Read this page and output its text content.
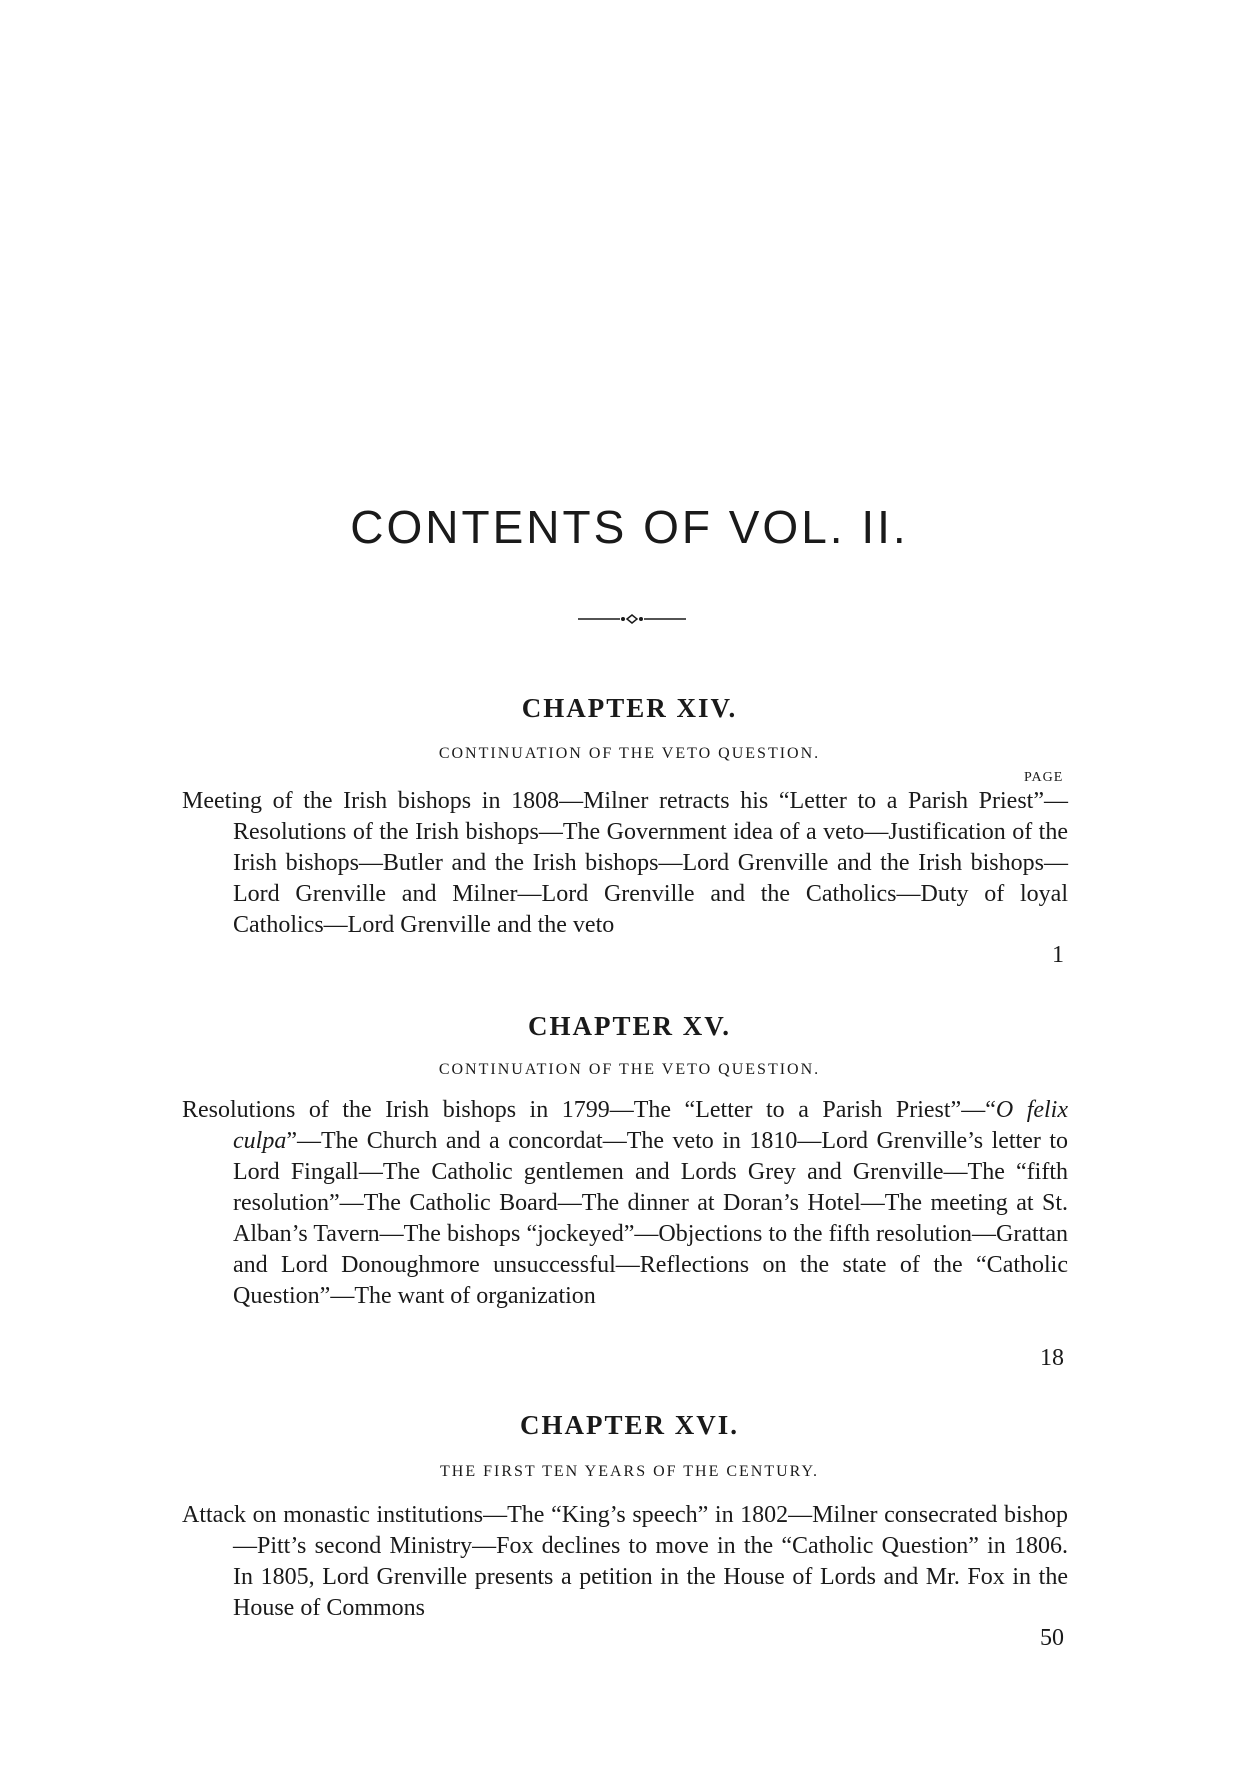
CONTENTS OF VOL. II.
CHAPTER XIV.
CONTINUATION OF THE VETO QUESTION.
PAGE

Meeting of the Irish bishops in 1808—Milner retracts his “Letter to a Parish Priest”—Resolutions of the Irish bishops—The Government idea of a veto—Justification of the Irish bishops—Butler and the Irish bishops—Lord Grenville and the Irish bishops—Lord Grenville and Milner—Lord Grenville and the Catholics—Duty of loyal Catholics—Lord Grenville and the veto

1
CHAPTER XV.
CONTINUATION OF THE VETO QUESTION.

Resolutions of the Irish bishops in 1799—The “Letter to a Parish Priest”—“O felix culpa”—The Church and a concordat—The veto in 1810—Lord Grenville’s letter to Lord Fingall—The Catholic gentlemen and Lords Grey and Grenville—The “fifth resolution”—The Catholic Board—The dinner at Doran’s Hotel—The meeting at St. Alban’s Tavern—The bishops “jockeyed”—Objections to the fifth resolution—Grattan and Lord Donoughmore unsuccessful—Reflections on the state of the “Catholic Question”—The want of organization

18
CHAPTER XVI.
THE FIRST TEN YEARS OF THE CENTURY.

Attack on monastic institutions—The “King’s speech” in 1802—Milner consecrated bishop—Pitt’s second Ministry—Fox declines to move in the “Catholic Question” in 1806. In 1805, Lord Grenville presents a petition in the House of Lords and Mr. Fox in the House of Commons

50
